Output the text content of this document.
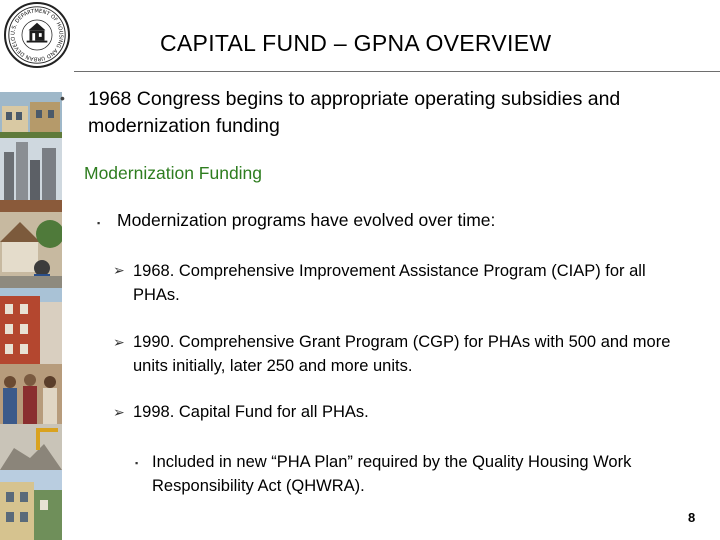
U.S. DEPARTMENT OF HOUSING AND URBAN DEVELO	CAPITAL FUND – GPNA OVERVIEW
• 1968 Congress begins to appropriate operating subsidies and modernization funding
Modernization Funding
▪ Modernization programs have evolved over time:
➢ 1968. Comprehensive Improvement Assistance Program (CIAP) for all PHAs.
➢ 1990. Comprehensive Grant Program (CGP) for PHAs with 500 and more units initially, later 250 and more units.
➢ 1998. Capital Fund for all PHAs.
▪ Included in new “PHA Plan” required by the Quality Housing Work Responsibility Act (QHWRA).
8
